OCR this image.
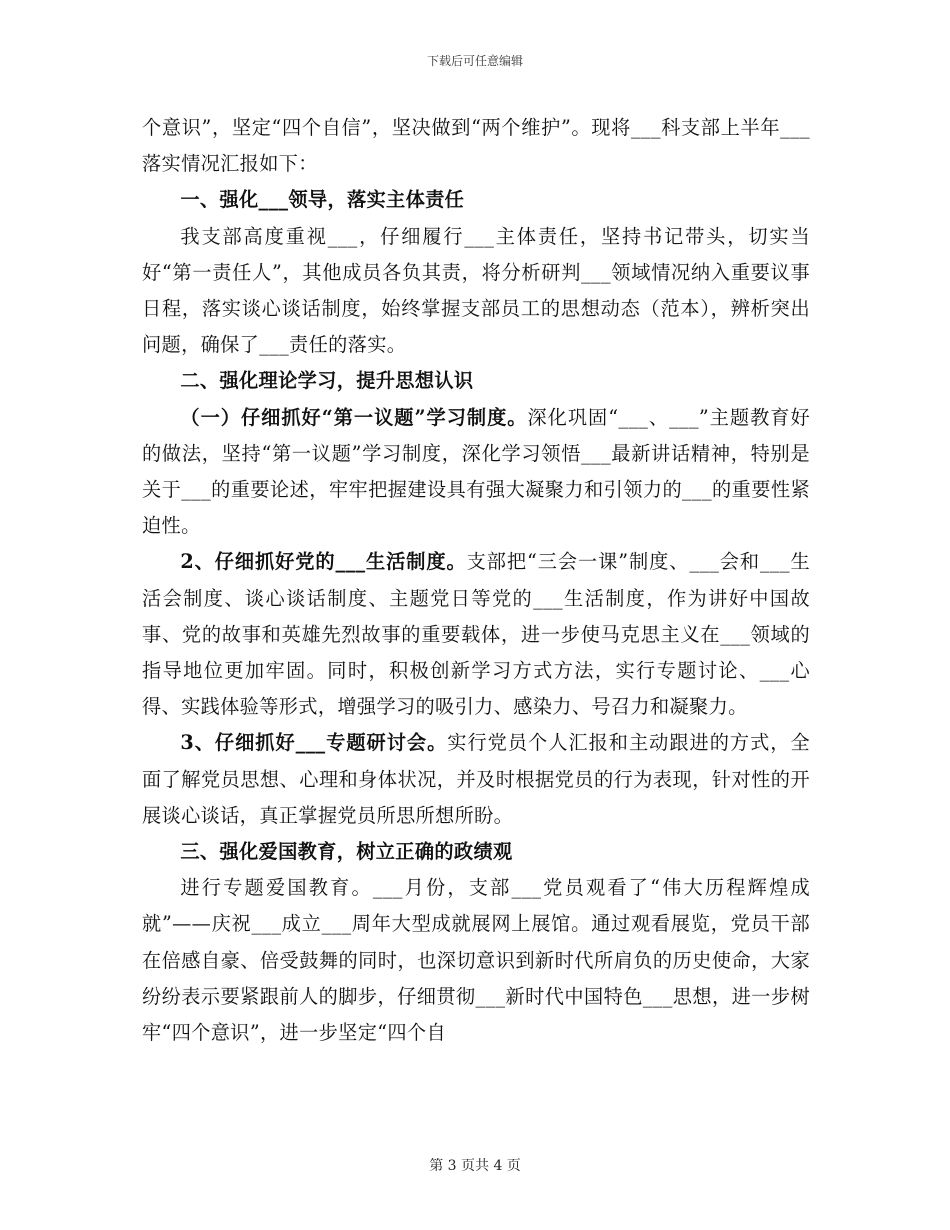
下载后可任意编辑

个意识”，坚定“四个自信”，坚决做到“两个维护”。现将___科支部上半年___落实情况汇报如下：

一、强化___领导，落实主体责任

我支部高度重视___，仔细履行___主体责任，坚持书记带头，切实当好“第一责任人”，其他成员各负其责，将分析研判___领域情况纳入重要议事日程，落实谈心谈话制度，始终掌握支部员工的思想动态（范本），辨析突出问题，确保了___责任的落实。

二、强化理论学习，提升思想认识

（一）仔细抓好“第一议题”学习制度。深化巩固“___、___”主题教育好的做法，坚持“第一议题”学习制度，深化学习领悟___最新讲话精神，特别是关于___的重要论述，牢牢把握建设具有强大凝聚力和引领力的___的重要性紧迫性。

2、仔细抓好党的___生活制度。支部把“三会一课”制度、___会和___生活会制度、谈心谈话制度、主题党日等党的___生活制度，作为讲好中国故事、党的故事和英雄先烈故事的重要载体，进一步使马克思主义在___领域的指导地位更加牢固。同时，积极创新学习方式方法，实行专题讨论、___心得、实践体验等形式，增强学习的吸引力、感染力、号召力和凝聚力。

3、仔细抓好___专题研讨会。实行党员个人汇报和主动跟进的方式，全面了解党员思想、心理和身体状况，并及时根据党员的行为表现，针对性的开展谈心谈话，真正掌握党员所思所想所盼。

三、强化爱国教育，树立正确的政绩观

进行专题爱国教育。___月份，支部___党员观看了“伟大历程辉煌成就”——庆祝___成立___周年大型成就展网上展馆。通过观看展览，党员干部在倍感自豪、倍受鼓舞的同时，也深切意识到新时代所肩负的历史使命，大家纷纷表示要紧跟前人的脚步，仔细贯彻___新时代中国特色___思想，进一步树牢“四个意识”，进一步坚定“四个自

第 3 页共 4 页
